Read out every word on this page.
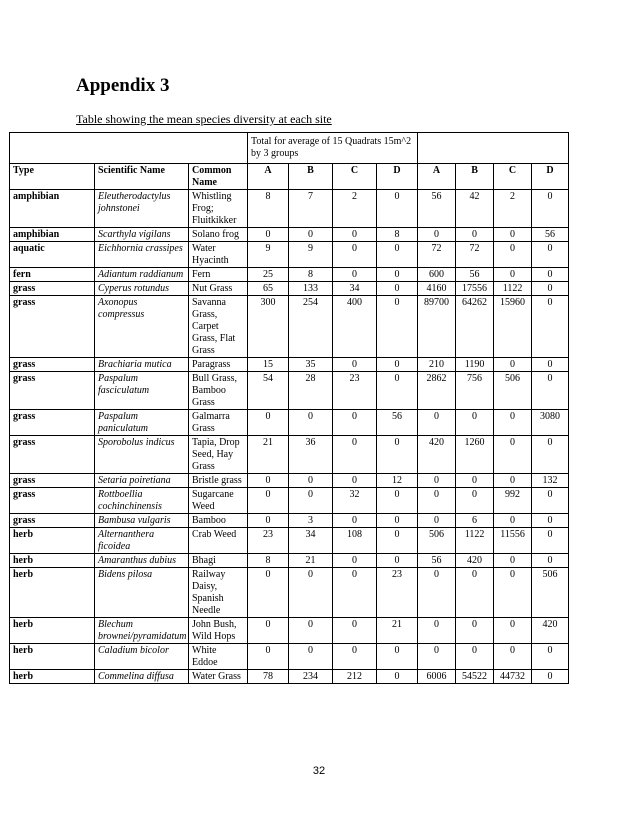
Appendix 3
Table showing the mean species diversity at each site
			Total for average of 15 Quadrats 15m^2 by 3 groups							
Type	Scientific Name	Common Name	A	B	C	D	A	B	C	D
amphibian	Eleutherodactylus johnstonei	Whistling Frog; Fluitkikker	8	7	2	0	56	42	2	0
amphibian	Scarthyla vigilans	Solano frog	0	0	0	8	0	0	0	56
aquatic	Eichhornia crassipes	Water Hyacinth	9	9	0	0	72	72	0	0
fern	Adiantum raddianum	Fern	25	8	0	0	600	56	0	0
grass	Cyperus rotundus	Nut Grass	65	133	34	0	4160	17556	1122	0
grass	Axonopus compressus	Savanna Grass, Carpet Grass, Flat Grass	300	254	400	0	89700	64262	15960	0
grass	Brachiaria mutica	Paragrass	15	35	0	0	210	1190	0	0
grass	Paspalum fasciculatum	Bull Grass, Bamboo Grass	54	28	23	0	2862	756	506	0
grass	Paspalum paniculatum	Galmarra Grass	0	0	0	56	0	0	0	3080
grass	Sporobolus indicus	Tapia, Drop Seed, Hay Grass	21	36	0	0	420	1260	0	0
grass	Setaria poiretiana	Bristle grass	0	0	0	12	0	0	0	132
grass	Rottboellia cochinchinensis	Sugarcane Weed	0	0	32	0	0	0	992	0
grass	Bambusa vulgaris	Bamboo	0	3	0	0	0	6	0	0
herb	Alternanthera ficoidea	Crab Weed	23	34	108	0	506	1122	11556	0
herb	Amaranthus dubius	Bhagi	8	21	0	0	56	420	0	0
herb	Bidens pilosa	Railway Daisy, Spanish Needle	0	0	0	23	0	0	0	506
herb	Blechum brownei/pyramidatum	John Bush, Wild Hops	0	0	0	21	0	0	0	420
herb	Caladium bicolor	White Eddoe	0	0	0	0	0	0	0	0
herb	Commelina diffusa	Water Grass	78	234	212	0	6006	54522	44732	0
32
